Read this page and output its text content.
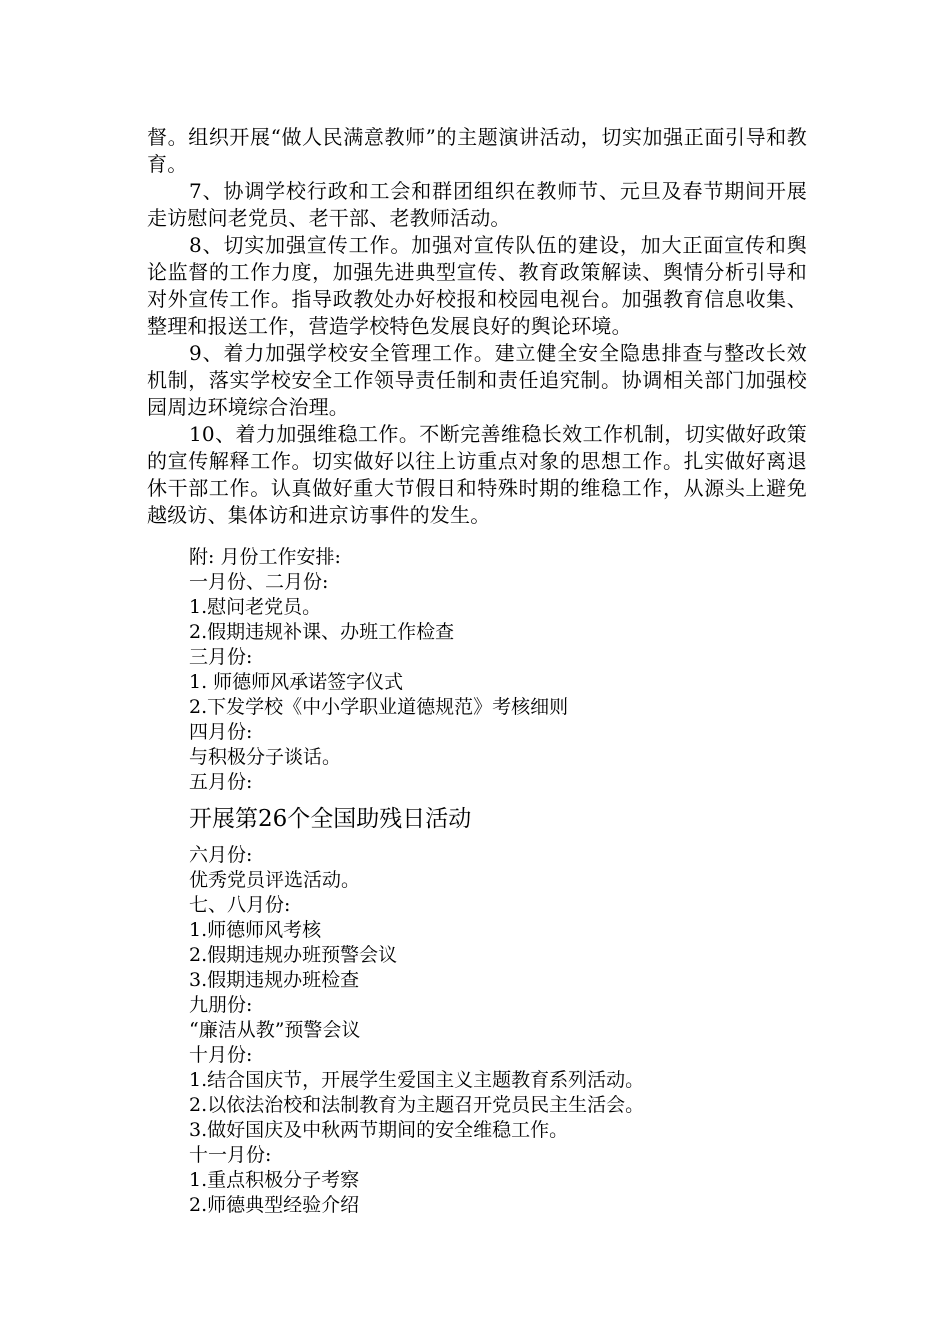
督。组织开展“做人民满意教师”的主题演讲活动，切实加强正面引导和教育。

7、协调学校行政和工会和群团组织在教师节、元旦及春节期间开展走访慰问老党员、老干部、老教师活动。

8、切实加强宣传工作。加强对宣传队伍的建设，加大正面宣传和舆论监督的工作力度，加强先进典型宣传、教育政策解读、舆情分析引导和对外宣传工作。指导政教处办好校报和校园电视台。加强教育信息收集、整理和报送工作，营造学校特色发展良好的舆论环境。

9、着力加强学校安全管理工作。建立健全安全隐患排查与整改长效机制，落实学校安全工作领导责任制和责任追究制。协调相关部门加强校园周边环境综合治理。

10、着力加强维稳工作。不断完善维稳长效工作机制，切实做好政策的宣传解释工作。切实做好以往上访重点对象的思想工作。扎实做好离退休干部工作。认真做好重大节假日和特殊时期的维稳工作，从源头上避免越级访、集体访和进京访事件的发生。

附: 月份工作安排:

一月份、二月份:

1.慰问老党员。

2.假期违规补课、办班工作检查

三月份:

1. 师德师风承诺签字仪式

2.下发学校《中小学职业道德规范》考核细则

四月份:

与积极分子谈话。

五月份:

开展第26个全国助残日活动

六月份:

优秀党员评选活动。

七、八月份:

1.师德师风考核

2.假期违规办班预警会议

3.假期违规办班检查

九朋份:

“廉洁从教”预警会议

十月份:

1.结合国庆节，开展学生爱国主义主题教育系列活动。

2.以依法治校和法制教育为主题召开党员民主生活会。

3.做好国庆及中秋两节期间的安全维稳工作。

十一月份:

1.重点积极分子考察

2.师德典型经验介绍
